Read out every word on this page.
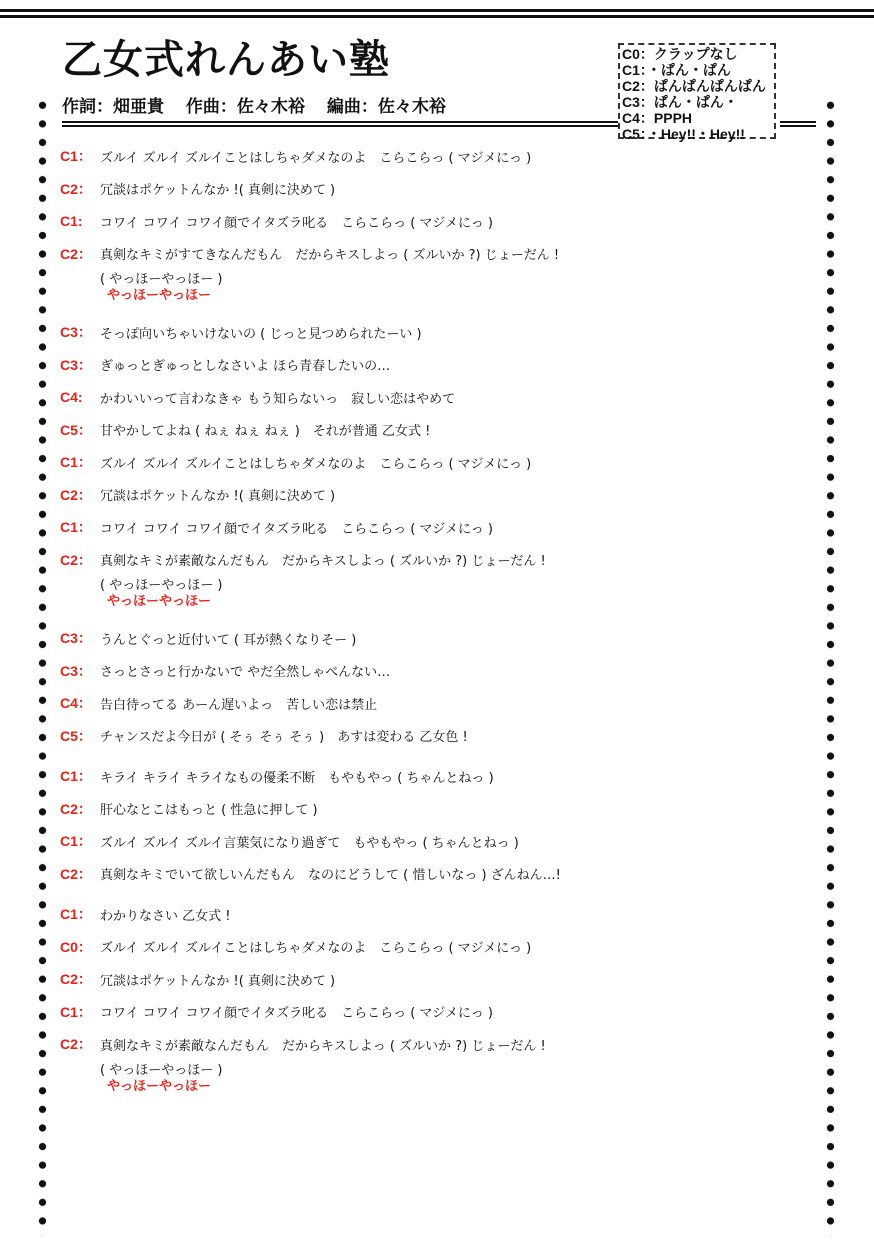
乙女式れんあい塾
作詞：畑亜貴 作曲：佐々木裕 編曲：佐々木裕
C0：クラップなし
C1：・ぱん・ぱん
C2：ぱんぱんぱんぱん
C3：ぱん・ぱん・
C4：PPPH
C5：・Hey!!・Hey!!
C1： ズルイ ズルイ ズルイことはしちゃダメなのよ　こらこらっ ( マジメにっ )
C2： 冗談はポケットんなか !( 真剣に決めて )
C1:	コワイ コワイ コワイ顔でイタズラ叱る　こらこらっ ( マジメにっ )
C2： 真剣なキミがすてきなんだもん　だからキスしよっ ( ズルいか ?) じょーだん !
( やっほーやっほー )
やっほーやっほー
C3： そっぽ向いちゃいけないの ( じっと見つめられたーい )
C3： ぎゅっとぎゅっとしなさいよ ほら青春したいの…
C4:	かわいいって言わなきゃ もう知らないっ　寂しい恋はやめて
C5： 甘やかしてよね ( ねぇ ねぇ ねぇ )　それが普通 乙女式 !
C1： ズルイ ズルイ ズルイことはしちゃダメなのよ　こらこらっ ( マジメにっ )
C2： 冗談はポケットんなか !( 真剣に決めて )
C1： コワイ コワイ コワイ顔でイタズラ叱る　こらこらっ ( マジメにっ )
C2： 真剣なキミが素敵なんだもん　だからキスしよっ ( ズルいか ?) じょーだん !
( やっほーやっほー )
やっほーやっほー
C3： うんとぐっと近付いて ( 耳が熱くなりそー )
C3： さっとさっと行かないで やだ全然しゃべんない…
C4： 告白待ってる あーん遅いよっ　苦しい恋は禁止
C5： チャンスだよ今日が ( そぅ そぅ そぅ )　あすは変わる 乙女色 !
C1： キライ キライ キライなもの優柔不断　もやもやっ ( ちゃんとねっ )
C2： 肝心なとこはもっと ( 性急に押して )
C1： ズルイ ズルイ ズルイ言葉気になり過ぎて　もやもやっ ( ちゃんとねっ )
C2： 真剣なキミでいて欲しいんだもん　なのにどうして ( 惜しいなっ ) ざんねん…!
C1： わかりなさい 乙女式 !
C0： ズルイ ズルイ ズルイことはしちゃダメなのよ　こらこらっ ( マジメにっ )
C2： 冗談はポケットんなか !( 真剣に決めて )
C1： コワイ コワイ コワイ顔でイタズラ叱る　こらこらっ ( マジメにっ )
C2： 真剣なキミが素敵なんだもん　だからキスしよっ ( ズルいか ?) じょーだん !
( やっほーやっほー )
やっほーやっほー
